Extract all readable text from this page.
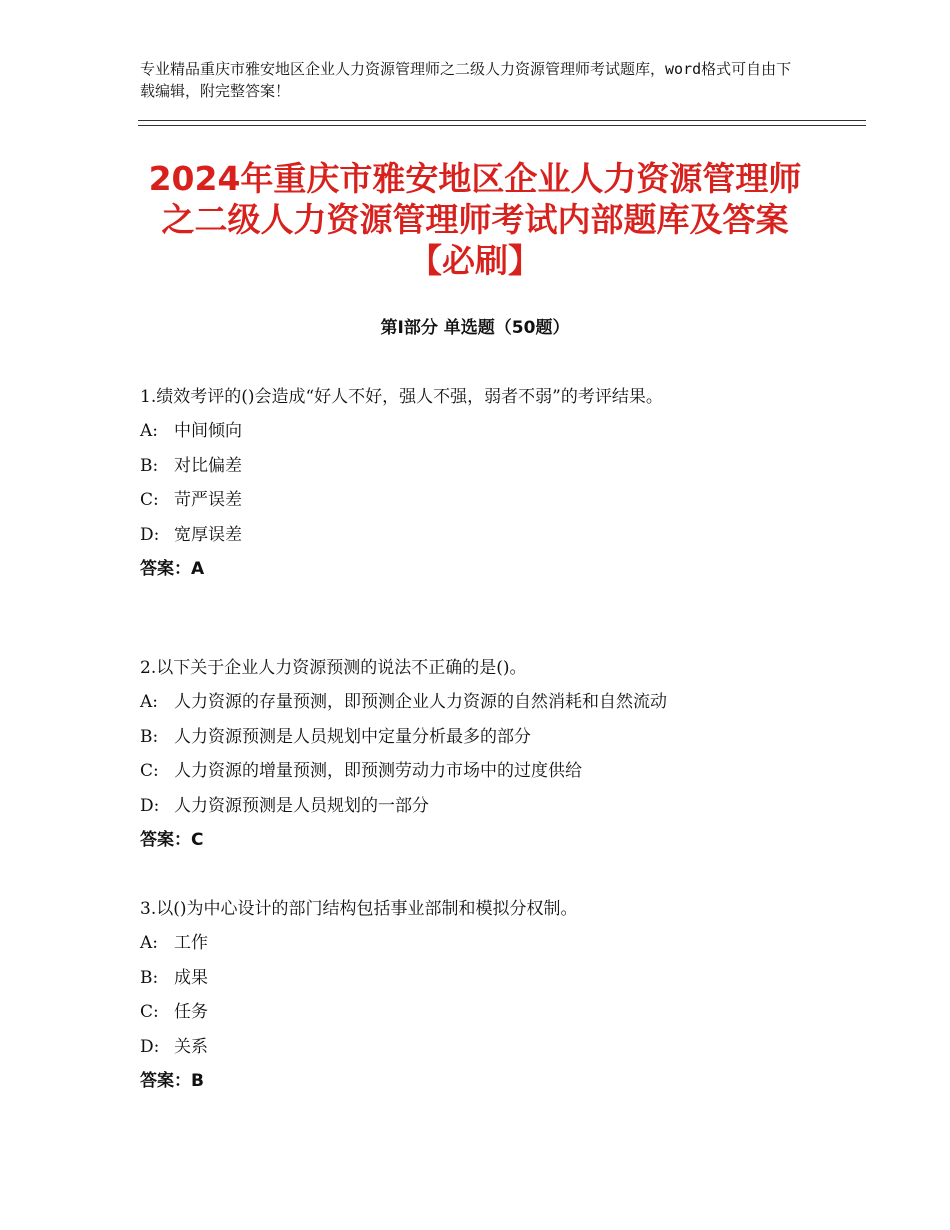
专业精品重庆市雅安地区企业人力资源管理师之二级人力资源管理师考试题库，word格式可自由下载编辑，附完整答案！
2024年重庆市雅安地区企业人力资源管理师
之二级人力资源管理师考试内部题库及答案
【必刷】
第Ⅰ部分 单选题（50题）
1.绩效考评的()会造成“好人不好，强人不强，弱者不弱”的考评结果。
A: 中间倾向
B: 对比偏差
C: 苛严误差
D: 宽厚误差
答案：A
2.以下关于企业人力资源预测的说法不正确的是()。
A: 人力资源的存量预测，即预测企业人力资源的自然消耗和自然流动
B: 人力资源预测是人员规划中定量分析最多的部分
C: 人力资源的增量预测，即预测劳动力市场中的过度供给
D: 人力资源预测是人员规划的一部分
答案：C
3.以()为中心设计的部门结构包括事业部制和模拟分权制。
A: 工作
B: 成果
C: 任务
D: 关系
答案：B
